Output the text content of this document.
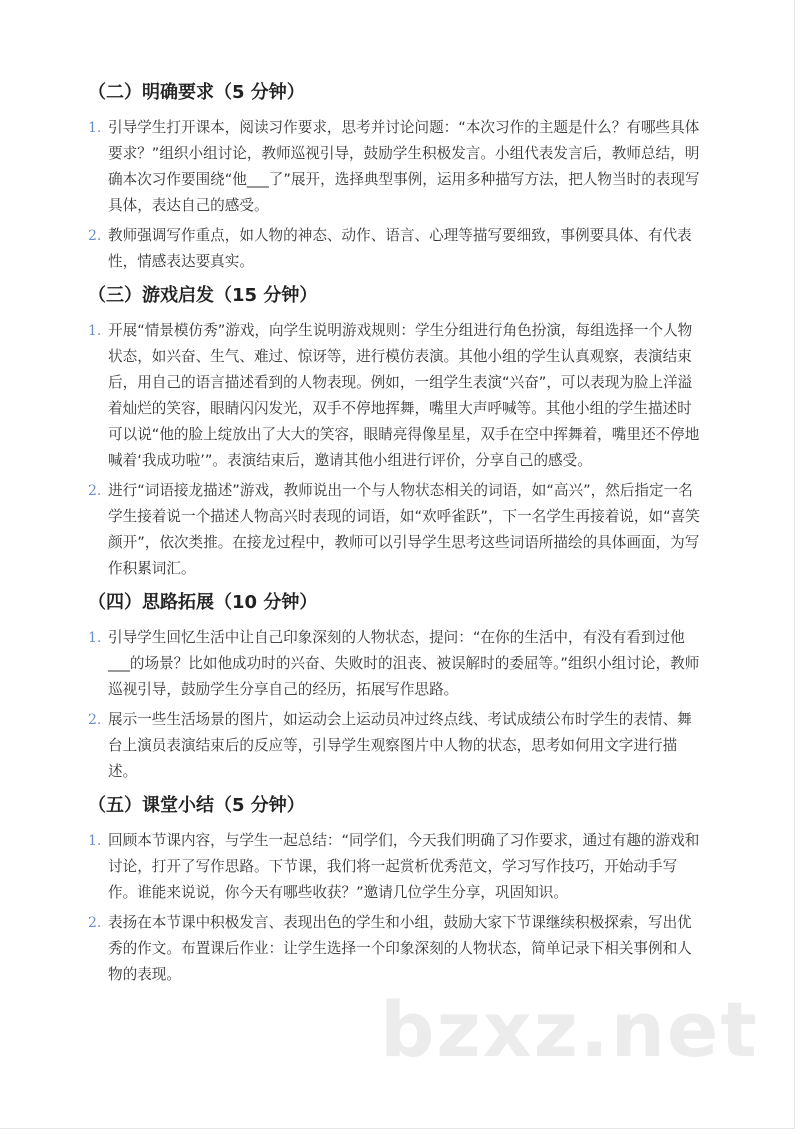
（二）明确要求（5 分钟）
1. 引导学生打开课本，阅读习作要求，思考并讨论问题：“本次习作的主题是什么？有哪些具体要求？”组织小组讨论，教师巡视引导，鼓励学生积极发言。小组代表发言后，教师总结，明确本次习作要围绕“他___了”展开，选择典型事例，运用多种描写方法，把人物当时的表现写具体，表达自己的感受。
2. 教师强调写作重点，如人物的神态、动作、语言、心理等描写要细致，事例要具体、有代表性，情感表达要真实。
（三）游戏启发（15 分钟）
1. 开展“情景模仿秀”游戏，向学生说明游戏规则：学生分组进行角色扮演，每组选择一个人物状态，如兴奋、生气、难过、惊讶等，进行模仿表演。其他小组的学生认真观察，表演结束后，用自己的语言描述看到的人物表现。例如，一组学生表演“兴奋”，可以表现为脸上洋溢着灿烂的笑容，眼睛闪闪发光，双手不停地挥舞，嘴里大声呼喊等。其他小组的学生描述时可以说“他的脸上绽放出了大大的笑容，眼睛亮得像星星，双手在空中挥舞着，嘴里还不停地喊着‘我成功啦’”。表演结束后，邀请其他小组进行评价，分享自己的感受。
2. 进行“词语接龙描述”游戏，教师说出一个与人物状态相关的词语，如“高兴”，然后指定一名学生接着说一个描述人物高兴时表现的词语，如“欢呼雀跃”，下一名学生再接着说，如“喜笑颜开”，依次类推。在接龙过程中，教师可以引导学生思考这些词语所描绘的具体画面，为写作积累词汇。
（四）思路拓展（10 分钟）
1. 引导学生回忆生活中让自己印象深刻的人物状态，提问：“在你的生活中，有没有看到过他___的场景？比如他成功时的兴奋、失败时的沮丧、被误解时的委屈等。”组织小组讨论，教师巡视引导，鼓励学生分享自己的经历，拓展写作思路。
2. 展示一些生活场景的图片，如运动会上运动员冲过终点线、考试成绩公布时学生的表情、舞台上演员表演结束后的反应等，引导学生观察图片中人物的状态，思考如何用文字进行描述。
（五）课堂小结（5 分钟）
1. 回顾本节课内容，与学生一起总结：“同学们，今天我们明确了习作要求，通过有趣的游戏和讨论，打开了写作思路。下节课，我们将一起赏析优秀范文，学习写作技巧，开始动手写作。谁能来说说，你今天有哪些收获？”邀请几位学生分享，巩固知识。
2. 表扬在本节课中积极发言、表现出色的学生和小组，鼓励大家下节课继续积极探索，写出优秀的作文。布置课后作业：让学生选择一个印象深刻的人物状态，简单记录下相关事例和人物的表现。
bzxz.net
